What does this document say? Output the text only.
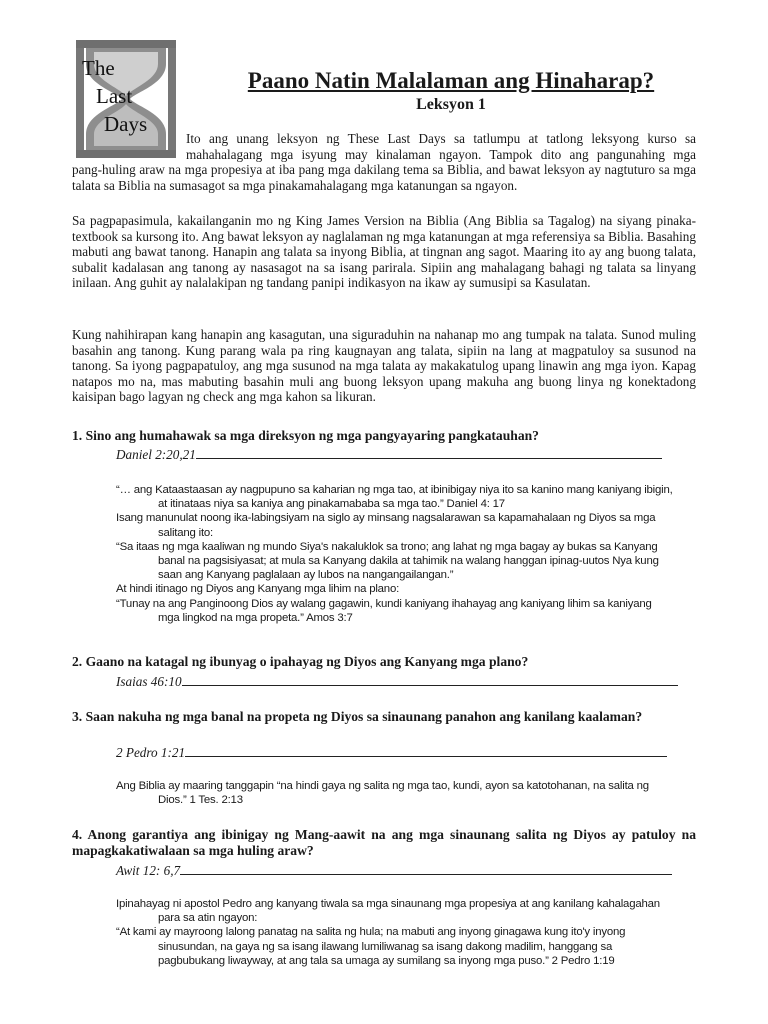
The
Last
Days
Paano Natin Malalaman ang Hinaharap?
Leksyon 1

Ito ang unang leksyon ng These Last Days sa tatlumpu at tatlong leksyong kurso sa mahahalagang mga isyung may kinalaman ngayon. Tampok dito ang pangunahing mga

pang-huling araw na mga propesiya at iba pang mga dakilang tema sa Biblia, and bawat leksyon ay nagtuturo sa mga talata sa Biblia na sumasagot sa mga pinakamahalagang mga katanungan sa ngayon.

Sa pagpapasimula, kakailanganin mo ng King James Version na Biblia (Ang Biblia sa Tagalog) na siyang pinaka- textbook sa kursong ito. Ang bawat leksyon ay naglalaman ng mga katanungan at mga referensiya sa Biblia. Basahing mabuti ang bawat tanong. Hanapin ang talata sa inyong Biblia, at tingnan ang sagot. Maaring ito ay ang buong talata, subalit kadalasan ang tanong ay nasasagot na sa isang parirala. Sipiin ang mahalagang bahagi ng talata sa linyang inilaan. Ang guhit ay nalalakipan ng tandang panipi indikasyon na ikaw ay sumusipi sa Kasulatan.

Kung nahihirapan kang hanapin ang kasagutan, una siguraduhin na nahanap mo ang tumpak na talata. Sunod muling basahin ang tanong. Kung parang wala pa ring kaugnayan ang talata, sipiin na lang at magpatuloy sa susunod na tanong. Sa iyong pagpapatuloy, ang mga susunod na mga talata ay makakatulog upang linawin ang mga iyon. Kapag natapos mo na, mas mabuting basahin muli ang buong leksyon upang makuha ang buong linya ng konektadong kaisipan bago lagyan ng check ang mga kahon sa likuran.

1. Sino ang humahawak sa mga direksyon ng mga pangyayaring pangkatauhan?

Daniel 2:20,21
“… ang Kataastaasan ay nagpupuno sa kaharian ng mga tao, at ibinibigay niya ito sa kanino mang kaniyang ibigin, at itinataas niya sa kaniya ang pinakamababa sa mga tao.” Daniel 4: 17
Isang manunulat noong ika-labingsiyam na siglo ay minsang nagsalarawan sa kapamahalaan ng Diyos sa mga salitang ito:
“Sa itaas ng mga kaaliwan ng mundo Siya's nakaluklok sa trono; ang lahat ng mga bagay ay bukas sa Kanyang banal na pagsisiyasat; at mula sa Kanyang dakila at tahimik na walang hanggan ipinag-uutos Nya kung saan ang Kanyang paglalaan ay lubos na nangangailangan.”
At hindi itinago ng Diyos ang Kanyang mga lihim na plano:
“Tunay na ang Panginoong Dios ay walang gagawin, kundi kaniyang ihahayag ang kaniyang lihim sa kaniyang mga lingkod na mga propeta.” Amos 3:7

2. Gaano na katagal ng ibunyag o ipahayag ng Diyos ang Kanyang mga plano?

Isaias 46:10

3. Saan nakuha ng mga banal na propeta ng Diyos sa sinaunang panahon ang kanilang kaalaman?

2 Pedro 1:21
Ang Biblia ay maaring tanggapin “na hindi gaya ng salita ng mga tao, kundi, ayon sa katotohanan, na salita ng Dios.” 1 Tes. 2:13

4. Anong garantiya ang ibinigay ng Mang-aawit na ang mga sinaunang salita ng Diyos ay patuloy na mapagkakatiwalaan sa mga huling araw?

Awit 12: 6,7
Ipinahayag ni apostol Pedro ang kanyang tiwala sa mga sinaunang mga propesiya at ang kanilang kahalagahan para sa atin ngayon:
“At kami ay mayroong lalong panatag na salita ng hula; na mabuti ang inyong ginagawa kung ito'y inyong sinusundan, na gaya ng sa isang ilawang lumiliwanag sa isang dakong madilim, hanggang sa pagbubukang liwayway, at ang tala sa umaga ay sumilang sa inyong mga puso.” 2 Pedro 1:19
